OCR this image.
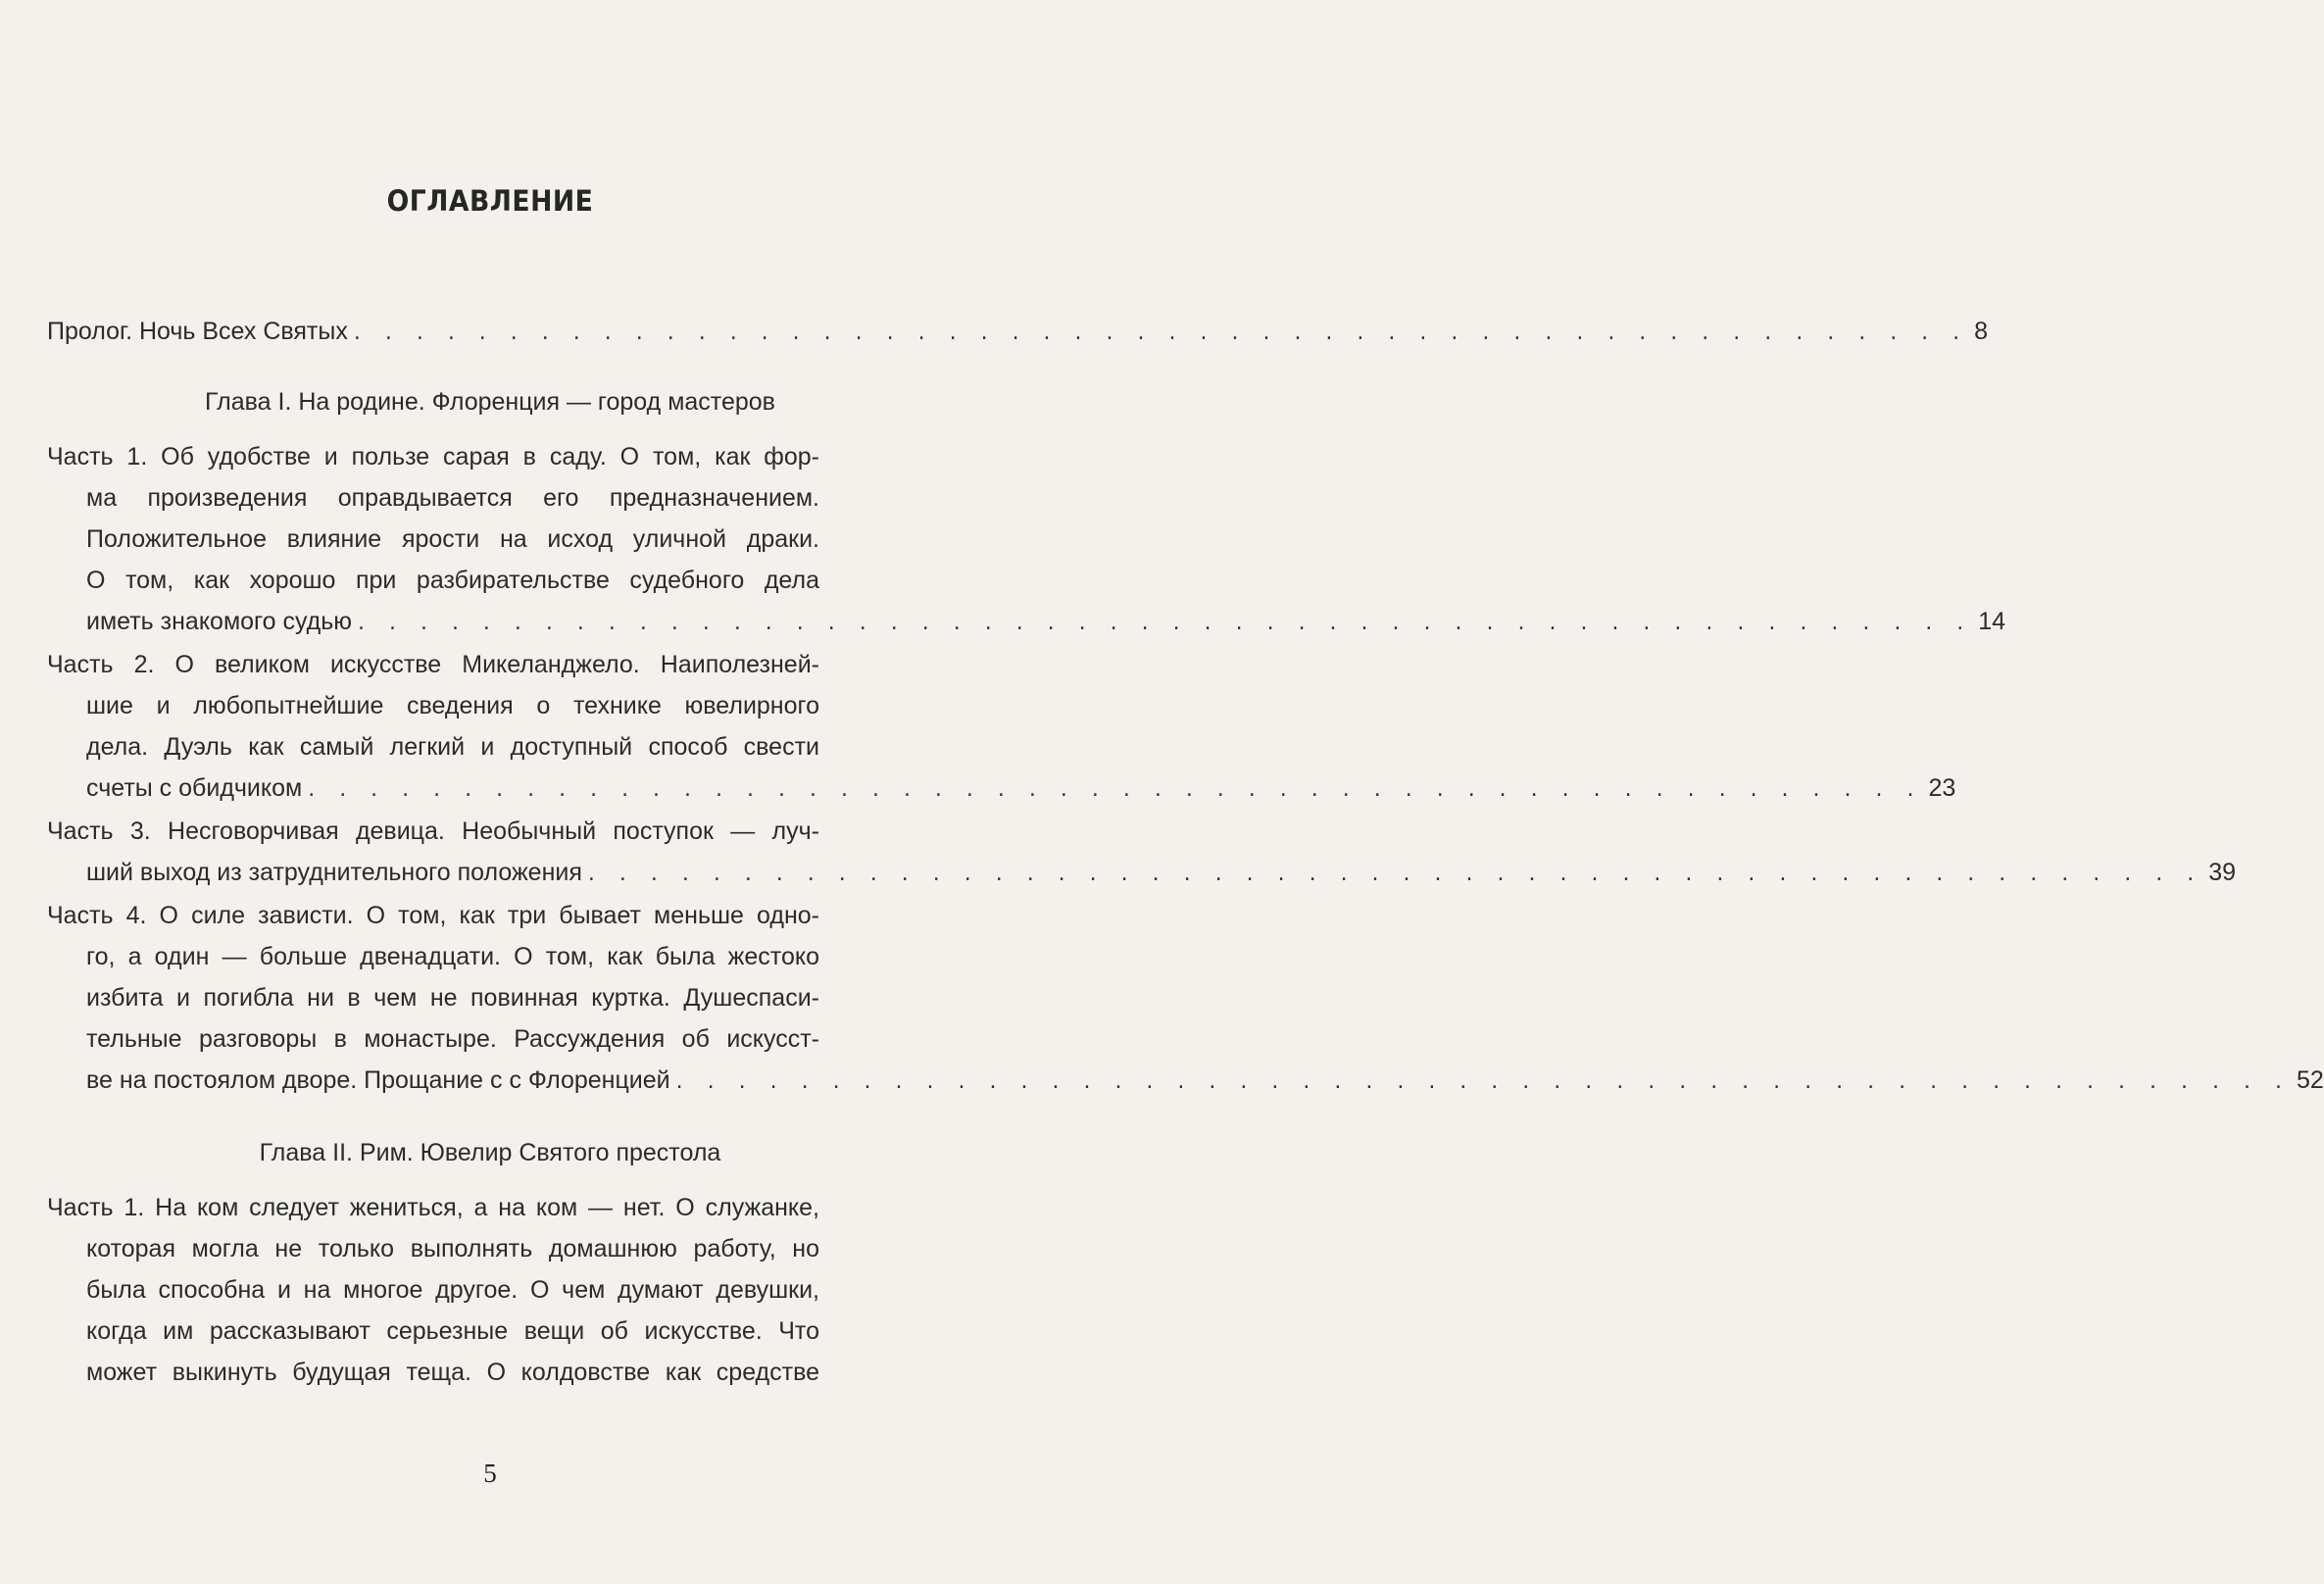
ОГЛАВЛЕНИЕ
Пролог. Ночь Всех Святых . . . . . . . . . . . . . . . . . . . . . . . . . . . . . . . . . . . . . . . . . . . . . . . . . . . . 8
Глава I. На родине. Флоренция — город мастеров
Часть 1. Об удобстве и пользе сарая в саду. О том, как фор-
ма произведения оправдывается его предназначением.
Положительное влияние ярости на исход уличной драки.
О том, как хорошо при разбирательстве судебного дела
иметь знакомого судью . . . . . . . . . . . . . . . . . . . . . . . . . . . . . . . . . . . . . . . . . . . . . . . . . . . . 14
Часть 2. О великом искусстве Микеланджело. Наиполезней-
шие и любопытнейшие сведения о технике ювелирного
дела. Дуэль как самый легкий и доступный способ свести
счеты с обидчиком . . . . . . . . . . . . . . . . . . . . . . . . . . . . . . . . . . . . . . . . . . . . . . . . . . . . 23
Часть 3. Несговорчивая девица. Необычный поступок — луч-
ший выход из затруднительного положения . . . . . . . . . . . . . . . . . . . . . . . . . . . . . . . . . . . . . . . . . . . . . . . . . . . . 39
Часть 4. О силе зависти. О том, как три бывает меньше одно-
го, а один — больше двенадцати. О том, как была жестоко
избита и погибла ни в чем не повинная куртка. Душеспаси-
тельные разговоры в монастыре. Рассуждения об искусст-
ве на постоялом дворе. Прощание с с Флоренцией . . . . . . . . . . . . . . . . . . . . . . . . . . . . . . . . . . . . . . . . . . . . . . . . . . . . 52
Глава II. Рим. Ювелир Святого престола
Часть 1. На ком следует жениться, а на ком — нет. О служанке,
которая могла не только выполнять домашнюю работу, но
была способна и на многое другое. О чем думают девушки,
когда им рассказывают серьезные вещи об искусстве. Что
может выкинуть будущая теща. О колдовстве как средстве
5
